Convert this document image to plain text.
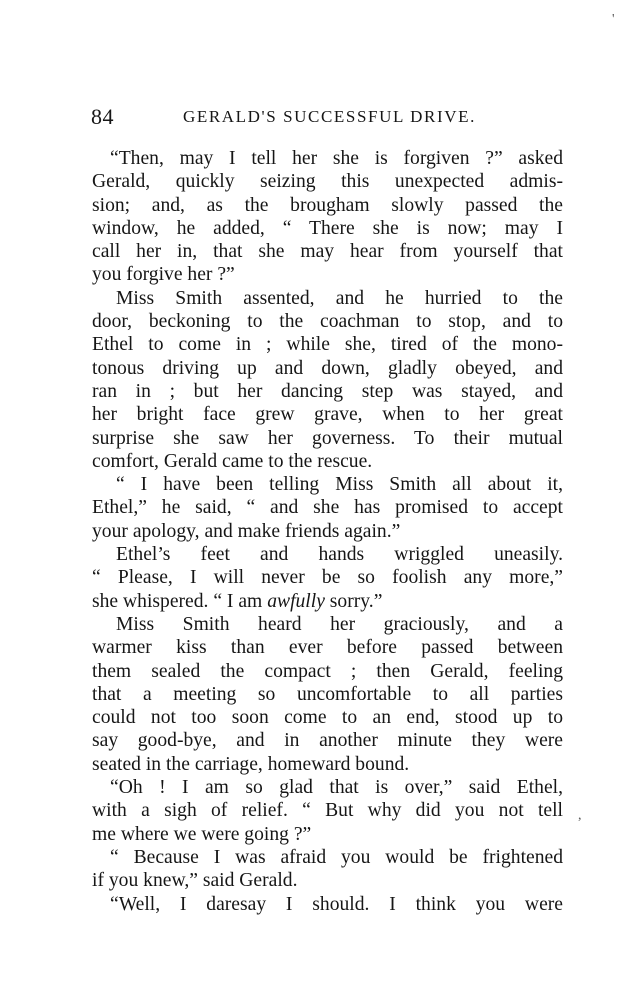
84	GERALD'S SUCCESSFUL DRIVE.
“Then, may I tell her she is forgiven ?” asked
Gerald, quickly seizing this unexpected admis-
sion; and, as the brougham slowly passed the
window, he added, “ There she is now; may I
call her in, that she may hear from yourself that
you forgive her ?”
Miss Smith assented, and he hurried to the
door, beckoning to the coachman to stop, and to
Ethel to come in ; while she, tired of the mono-
tonous driving up and down, gladly obeyed, and
ran in ; but her dancing step was stayed, and
her bright face grew grave, when to her great
surprise she saw her governess. To their mutual
comfort, Gerald came to the rescue.
“ I have been telling Miss Smith all about it,
Ethel,” he said, “ and she has promised to accept
your apology, and make friends again.”
Ethel’s feet and hands wriggled uneasily.
“ Please, I will never be so foolish any more,”
she whispered. “ I am awfully sorry.”
Miss Smith heard her graciously, and a
warmer kiss than ever before passed between
them sealed the compact ; then Gerald, feeling
that a meeting so uncomfortable to all parties
could not too soon come to an end, stood up to
say good-bye, and in another minute they were
seated in the carriage, homeward bound.
“Oh ! I am so glad that is over,” said Ethel,
with a sigh of relief. “ But why did you not tell
me where we were going ?”
“ Because I was afraid you would be frightened
if you knew,” said Gerald.
“Well, I daresay I should. I think you were
'
,
